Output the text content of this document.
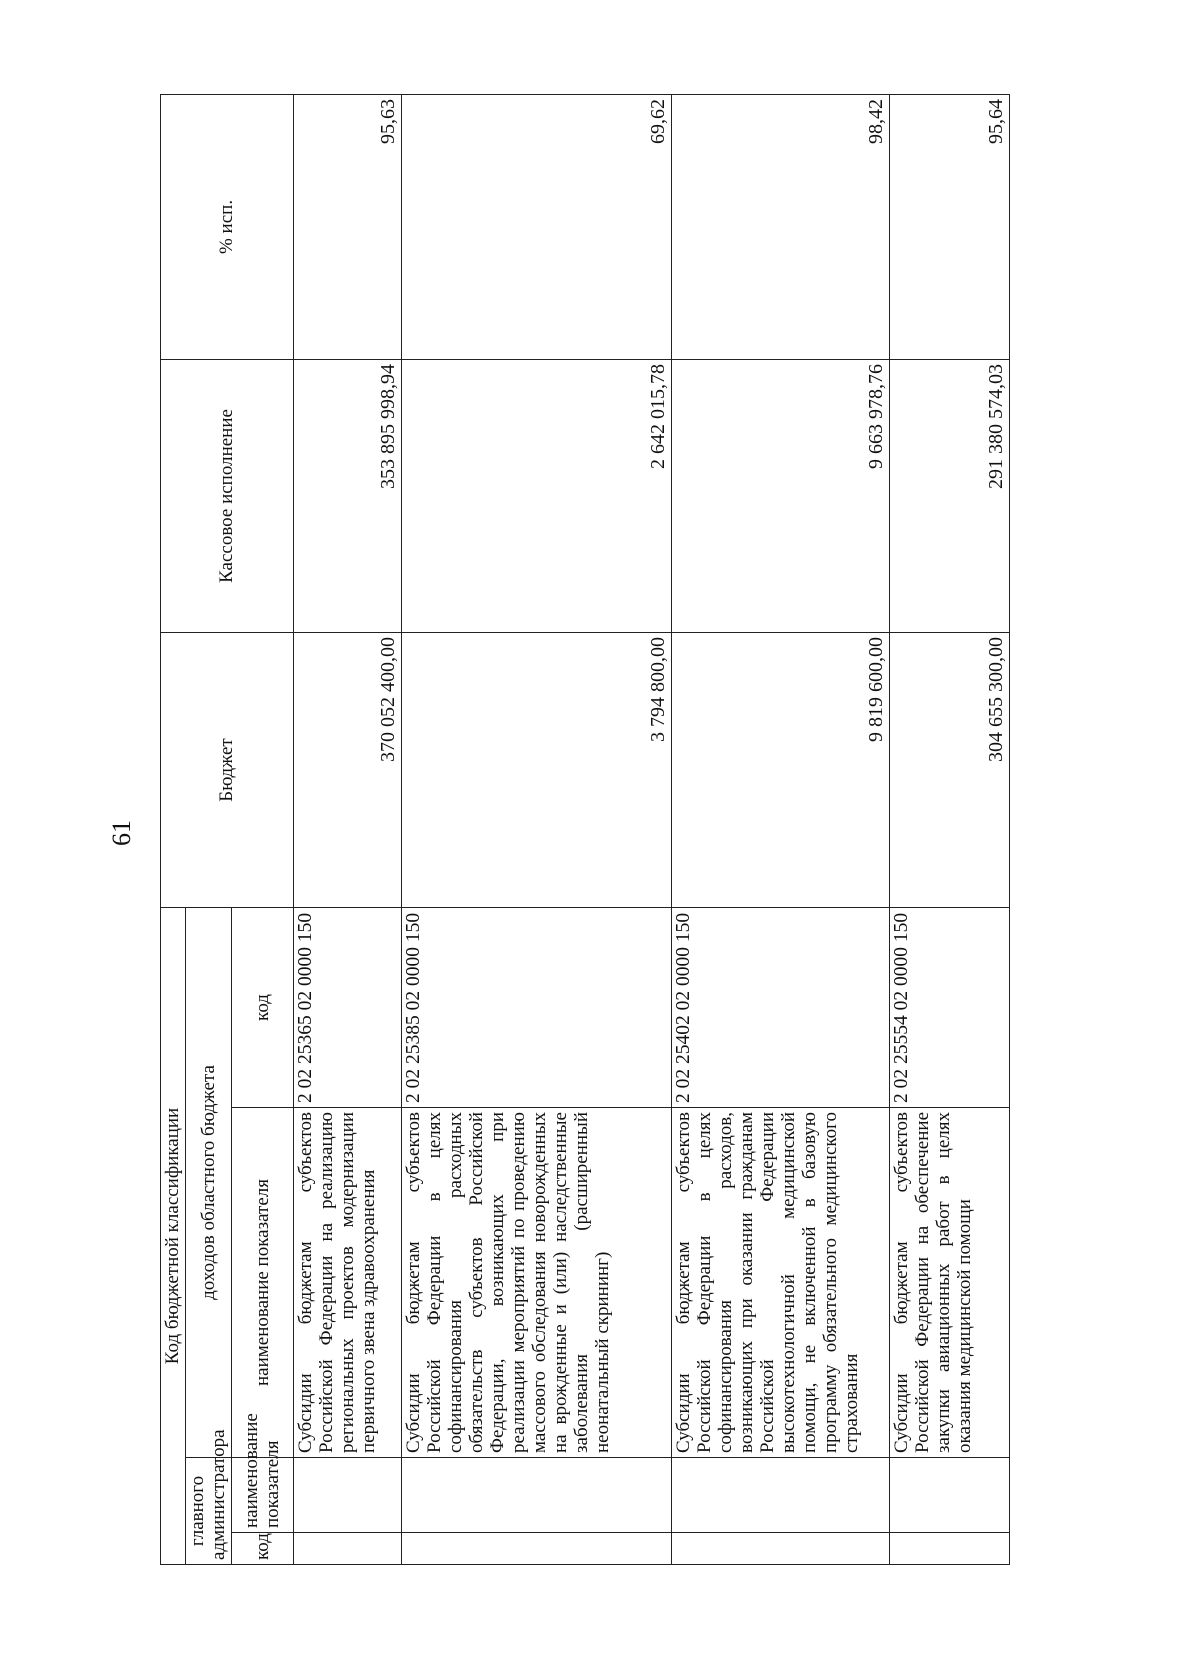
61
Код бюджетной классификации				Бюджет	Кассовое исполнение	% исп.
главного администратора		доходов областного бюджета				
код	наименование показателя	наименование показателя	код			
		Субсидии бюджетам субъектов Российской Федерации на реализацию региональных проектов модернизации первичного звена здравоохранения	2 02 25365 02 0000 150	370 052 400,00	353 895 998,94	95,63
		Субсидии бюджетам субъектов Российской Федерации в целях софинансирования расходных обязательств субъектов Российской Федерации, возникающих при реализации мероприятий по проведению массового обследования новорожденных на врожденные и (или) наследственные заболевания (расширенный неонатальный скрининг)	2 02 25385 02 0000 150	3 794 800,00	2 642 015,78	69,62
		Субсидии бюджетам субъектов Российской Федерации в целях софинансирования расходов, возникающих при оказании гражданам Российской Федерации высокотехнологичной медицинской помощи, не включенной в базовую программу обязательного медицинского страхования	2 02 25402 02 0000 150	9 819 600,00	9 663 978,76	98,42
		Субсидии бюджетам субъектов Российской Федерации на обеспечение закупки авиационных работ в целях оказания медицинской помощи	2 02 25554 02 0000 150	304 655 300,00	291 380 574,03	95,64
